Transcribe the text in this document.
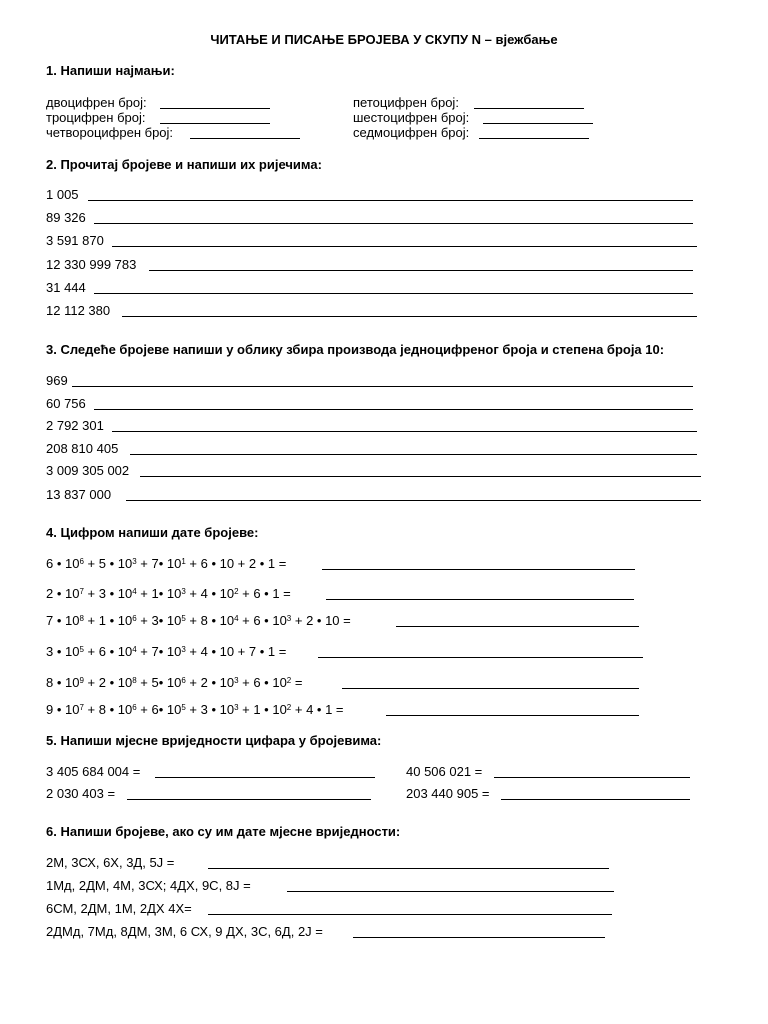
ЧИТАЊЕ И ПИСАЊЕ БРОЈЕВА У СКУПУ N – вјежбање
1. Напиши најмањи:
двоцифрен број:
троцифрен број:
четвороцифрен број:
петоцифрен број:
шестоцифрен број:
седмоцифрен број:
2. Прочитај бројеве и напиши их ријечима:
1 005
89 326
3 591 870
12 330 999 783
31 444
12 112 380
3. Следеће бројеве напиши у облику збира производа једноцифреног броја и степена броја 10:
969
60 756
2 792 301
208 810 405
3 009 305 002
13 837 000
4. Цифром напиши дате бројеве:
6 • $10^6 + 5$ • $10^3$ + 7• $10^1 + 6$ • 10 + 2 • 1 =
2 • $10^7 + 3$ • $10^4$ + 1• $10^3 + 4$ • $10^2 + 6$ • 1 =
7 • $10^8 + 1$ • $10^6$ + 3• $10^5 + 8$ • $10^4 + 6$ • $10^3 + 2$ • 10 =
3 • $10^5 + 6$ • $10^4$ + 7• $10^3 + 4$ • 10 + 7 • 1 =
8 • $10^9 + 2$ • $10^8$ + 5• $10^6 + 2$ • $10^3 + 6$ • $10^2$ =
9 • $10^7 + 8$ • $10^6$ + 6• $10^5 + 3$ • $10^3 + 1$ • $10^2 + 4$ • 1 =
5. Напиши мјесне вриједности цифара у бројевима:
3 405 684 004 =
2 030 403 =
40 506 021 =
203 440 905 =
6. Напиши бројеве, ако су им дате мјесне вриједности:
2М, 3СХ, 6Х, 3Д, 5Ј =
1Мд, 2ДМ, 4М, 3СХ; 4ДХ, 9С, 8Ј =
6СМ, 2ДМ, 1М, 2ДХ 4Х=
2ДМд, 7Мд, 8ДМ, 3М, 6 СХ, 9 ДХ, 3С, 6Д, 2Ј =
